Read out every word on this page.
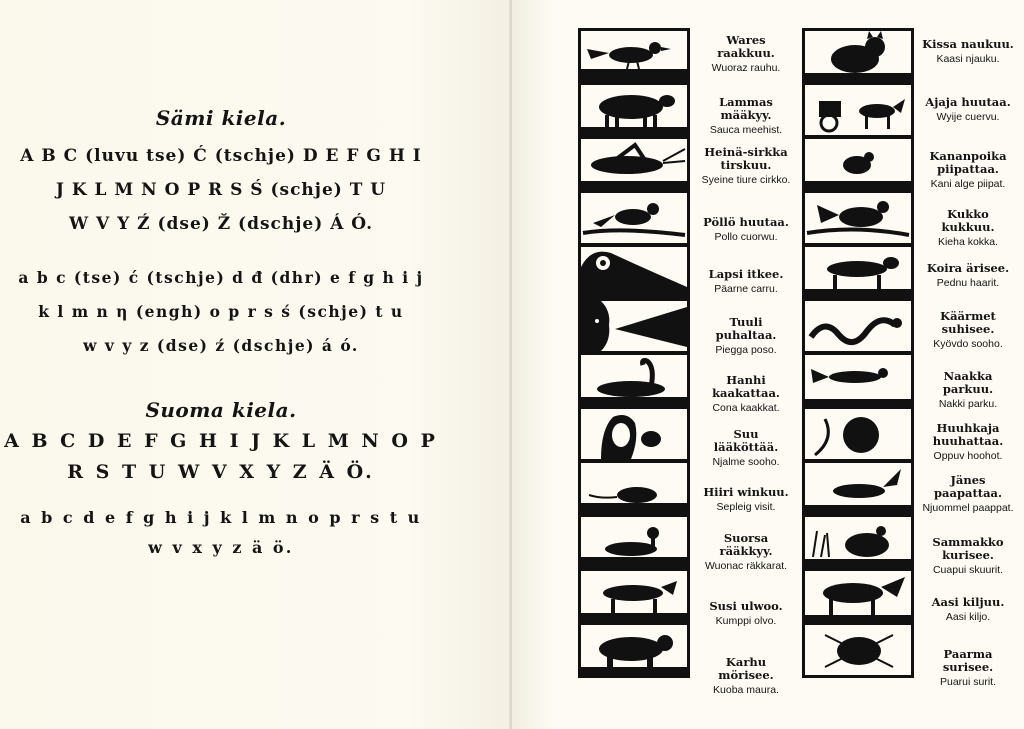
Sämi kiela.
A B C (luvu tse) Ć (tschje) D E F G H I
J K L M N O P R S Ś (schje) T U
W V Y Ź (dse) Ž (dschje) Á Ó.
a b c (tse) ć (tschje) d đ (dhr) e f g h i j
k l m n η (engh) o p r s ś (schje) t u
w v y z (dse) ź (dschje) á ó.
Suoma kiela.
A B C D E F G H I J K L M N O P
R S T U W V X Y Z Ä Ö.
a b c d e f g h i j k l m n o p r s t u
w v x y z ä ö.
Wares raakkuu.
Wuoraz rauhu.
Lammas määkyy.
Sauca meehist.
Heinä-sirkka tirskuu.
Syeine tiure cirkko.
Pöllö huutaa.
Pollo cuorwu.
Lapsi itkee.
Päarne carru.
Tuuli puhaltaa.
Piegga poso.
Hanhi kaakattaa.
Cona kaakkat.
Suu lääköttää.
Njalme sooho.
Hiiri winkuu.
Sepleig visit.
Suorsa rääkkyy.
Wuonac räkkarat.
Susi ulwoo.
Kumppi olvo.
Karhu mörisee.
Kuoba maura.
Kissa naukuu.
Kaasi njauku.
Ajaja huutaa.
Wyije cuervu.
Kananpoika piipattaa.
Kani alge piipat.
Kukko kukkuu.
Kieha kokka.
Koira ärisee.
Pednu haarit.
Käärmet suhisee.
Kyövdo sooho.
Naakka parkuu.
Nakki parku.
Huuhkaja huuhattaa.
Oppuv hoohot.
Jänes paapattaa.
Njuommel paappat.
Sammakko kurisee.
Cuapui skuurit.
Aasi kiljuu.
Aasi kiljo.
Paarma surisee.
Puarui surit.
